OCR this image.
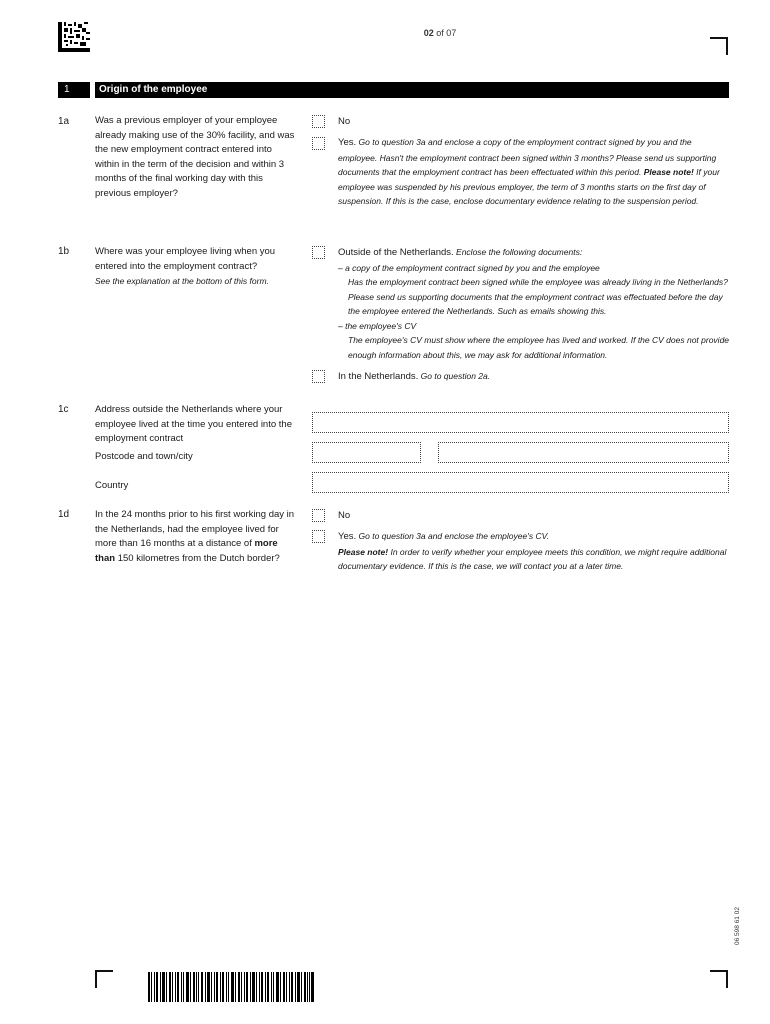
02 of 07
1	Origin of the employee
1a	Was a previous employer of your employee already making use of the 30% facility, and was the new employment contract entered into within in the term of the decision and within 3 months of the final working day with this previous employer?
No
Yes. Go to question 3a and enclose a copy of the employment contract signed by you and the employee. Hasn't the employment contract been signed within 3 months? Please send us supporting documents that the employment contract has been effectuated within this period. Please note! If your employee was suspended by his previous employer, the term of 3 months starts on the first day of suspension. If this is the case, enclose documentary evidence relating to the suspension period.
1b	Where was your employee living when you entered into the employment contract?
See the explanation at the bottom of this form.
Outside of the Netherlands. Enclose the following documents:
– a copy of the employment contract signed by you and the employee
Has the employment contract been signed while the employee was already living in the Netherlands? Please send us supporting documents that the employment contract was effectuated before the day the employee entered the Netherlands. Such as emails showing this.
– the employee's CV
The employee's CV must show where the employee has lived and worked. If the CV does not provide enough information about this, we may ask for additional information.
In the Netherlands. Go to question 2a.
1c	Address outside the Netherlands where your employee lived at the time you entered into the employment contract
Postcode and town/city
Country
1d	In the 24 months prior to his first working day in the Netherlands, had the employee lived for more than 16 months at a distance of more than 150 kilometres from the Dutch border?
No
Yes. Go to question 3a and enclose the employee's CV.
Please note! In order to verify whether your employee meets this condition, we might require additional documentary evidence. If this is the case, we will contact you at a later time.
06 598 61 02
